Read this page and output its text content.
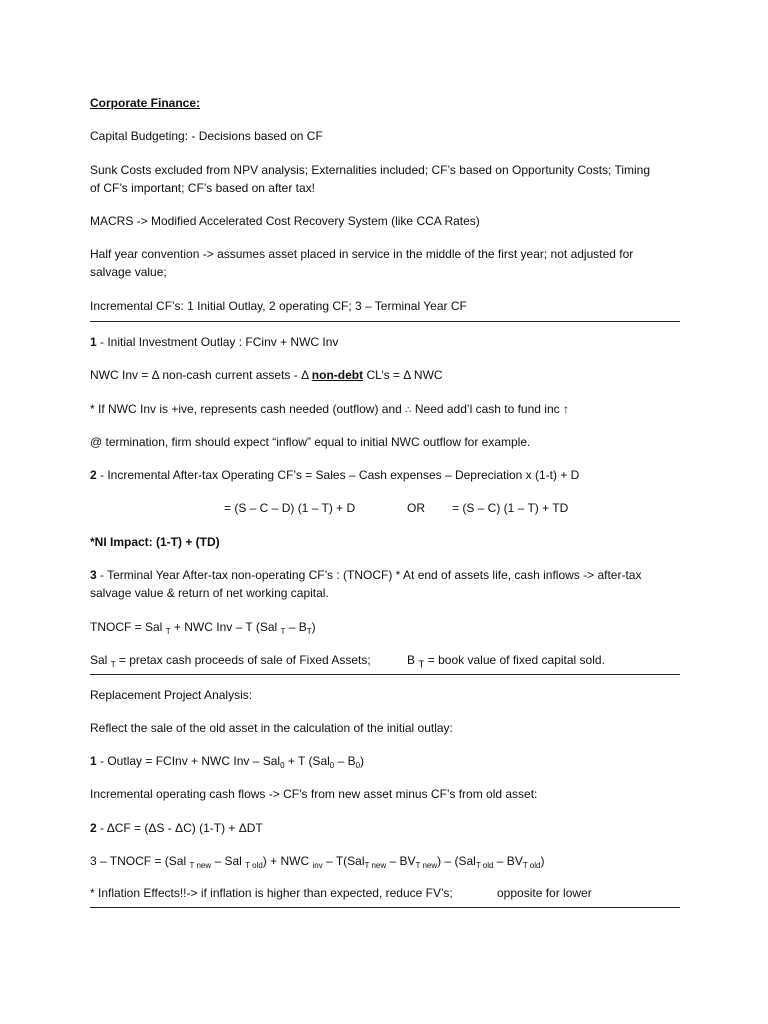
Corporate Finance:
Capital Budgeting: - Decisions based on CF
Sunk Costs excluded from NPV analysis; Externalities included; CF’s based on Opportunity Costs; Timing
of CF’s important; CF’s based on after tax!
MACRS -> Modified Accelerated Cost Recovery System (like CCA Rates)
Half year convention -> assumes asset placed in service in the middle of the first year; not adjusted for
salvage value;
Incremental CF’s: 1 Initial Outlay, 2 operating CF; 3 – Terminal Year CF
1 - Initial Investment Outlay : FCinv + NWC Inv
NWC Inv = Δ non-cash current assets - Δ non-debt CL’s = Δ NWC
* If NWC Inv is +ive, represents cash needed (outflow) and ∴ Need add’l cash to fund inc ↑
@ termination, firm should expect “inflow” equal to initial NWC outflow for example.
2 - Incremental After-tax Operating CF’s = Sales – Cash expenses – Depreciation x (1-t) + D
= (S – C – D) (1 – T) + D	OR = (S – C) (1 – T) + TD
*NI Impact: (1-T) + (TD)
3 - Terminal Year After-tax non-operating CF’s : (TNOCF) * At end of assets life, cash inflows -> after-tax
salvage value & return of net working capital.
TNOCF = Sal $_T$ + NWC Inv – T (Sal $_T - B_T$)
Sal $_T$ = pretax cash proceeds of sale of Fixed Assets;	B $_T$ = book value of fixed capital sold.
Replacement Project Analysis:
Reflect the sale of the old asset in the calculation of the initial outlay:
1 - Outlay = FCInv + NWC Inv – Sal$_0$ + T $(Sal_0 - B_0)$
Incremental operating cash flows -> CF’s from new asset minus CF’s from old asset:
2 - ΔCF = (ΔS - ΔC) (1-T) + ΔDT
3 – TNOCF = (Sal $_{T new}$ – Sal $_{T old}$) + NWC $_{inv} - T(Sal_{T new} - BV_{T new}) - (Sal_{T old} - BV_{T old})$
* Inflation Effects!!-> if inflation is higher than expected, reduce FV’s;	opposite for lower
